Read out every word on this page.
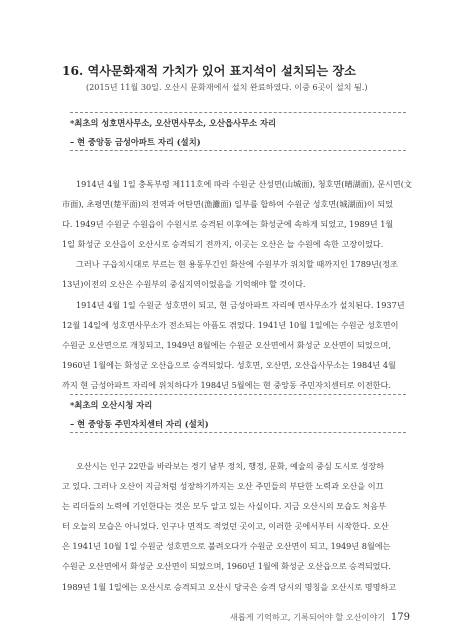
16. 역사문화재적 가치가 있어 표지석이 설치되는 장소
(2015년 11월 30일. 오산시 문화재에서 설치 완료하였다. 이중 6곳이 설치 됨.)
*최초의 성호면사무소, 오산면사무소, 오산읍사무소 자리
– 현 중앙동 금성아파트 자리 (설치)
1914년 4월 1일 충독부령 제111호에 따라 수원군 산성면(山城面), 청호면(晴湖面), 문시면(文
市面), 초평면(楚平面)의 전역과 어탄면(漁灘面) 일부를 합하여 수원군 성호면(城湖面)이 되었
다. 1949년 수원군 수원읍이 수원시로 승격된 이후에는 화성군에 속하게 되었고, 1989년 1월
1일 화성군 오산읍이 오산시로 승격되기 전까지, 이곳는 오산은 늘 수원에 속한 고장이었다.
그러나 구읍치시대로 부르는 현 용동무긴인 화산에 수원부가 위치할 때까지인 1789년(정조
13년)이전의 오산은 수원부의 중심지역이었음을 기억해야 할 것이다.
1914년 4월 1일 수원군 성호면이 되고, 현 금성아파트 자리에 면사무소가 설치된다. 1937년
12월 14일에 성호면사무소가 전소되는 아픔도 겪었다. 1941년 10월 1일에는 수원군 성호면이
수원군 오산면으로 개칭되고, 1949년 8월에는 수원군 오산면에서 화성군 오산면이 되었으며,
1960년 1월에는 화성군 오산읍으로 승격되었다. 성호면, 오산면, 오산읍사무소는 1984년 4월
까지 현 금성아파트 자리에 위치하다가 1984년 5월에는 현 중앙동 주민자치센터로 이전한다.
*최초의 오산시청 자리
– 현 중앙동 주민자치센터 자리 (설치)
오산시는 인구 22만을 바라보는 경기 남부 정치, 행정, 문화, 예술의 중심 도시로 성장하
고 있다. 그러나 오산이 지금처럼 성장하기까지는 오산 주민들의 부단한 노력과 오산을 이끄
는 리더들의 노력에 기인한다는 것은 모두 알고 있는 사실이다. 지금 오산시의 모습도 처음부
터 오늘의 모습은 아니었다. 인구나 면적도 적었던 곳이고, 이러한 곳에서부터 시작한다. 오산
은 1941년 10월 1일 수원군 성호면으로 불려오다가 수원군 오산면이 되고, 1949년 8월에는
수원군 오산면에서 화성군 오산면이 되었으며, 1960년 1월에 화성군 오산읍으로 승격되었다.
1989년 1월 1일에는 오산시로 승격되고 오산시 당국은 승격 당시의 명칭을 오산시로 명명하고
새롭게 기억하고, 기록되어야 할 오산이야기 179
